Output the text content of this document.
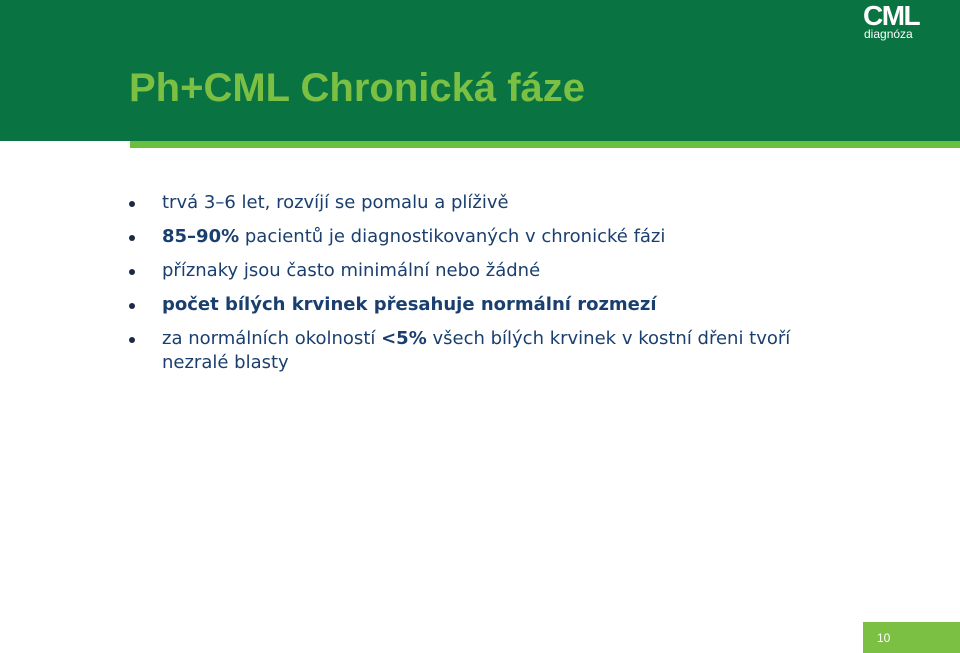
Ph+CML Chronická fáze
CML
diagnóza
trvá 3–6 let, rozvíjí se pomalu a plíživě
85–90% pacientů je diagnostikovaných v chronické fázi
příznaky jsou často minimální nebo žádné
počet bílých krvinek přesahuje normální rozmezí
za normálních okolností <5% všech bílých krvinek v kostní dřeni tvoří nezralé blasty
10
